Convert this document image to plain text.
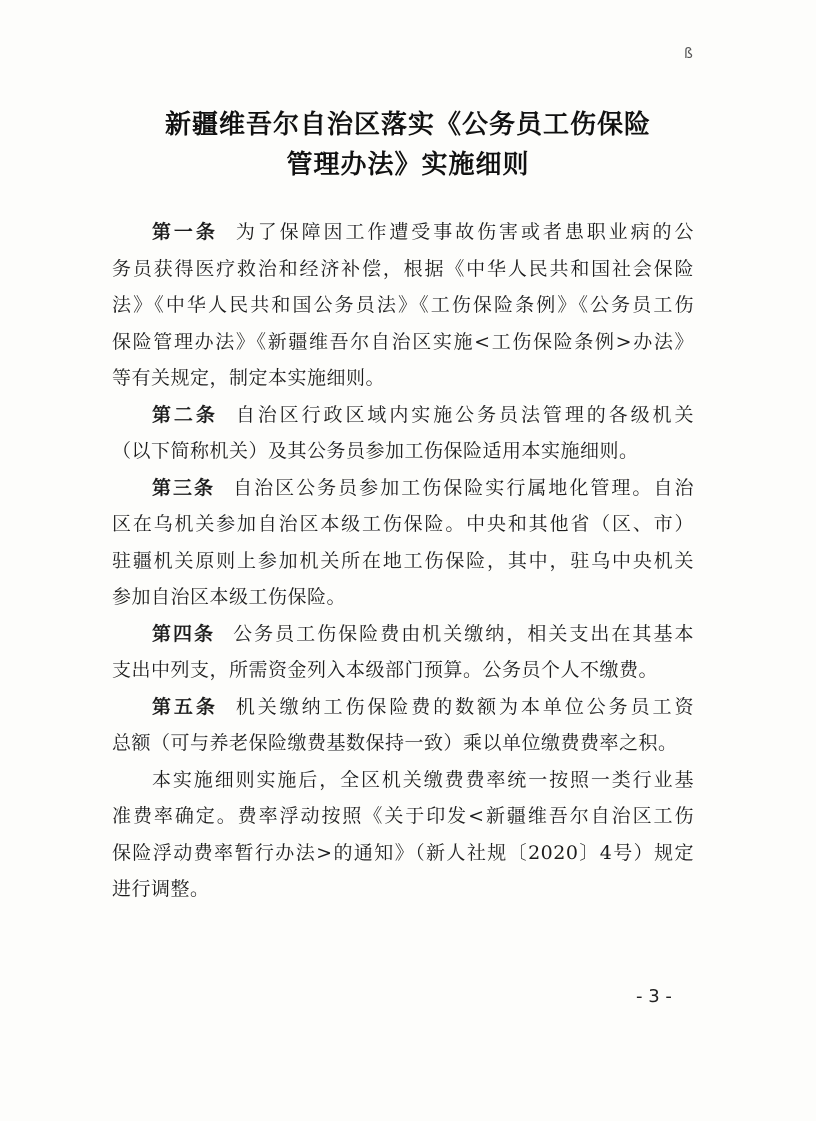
ß
新疆维吾尔自治区落实《公务员工伤保险
管理办法》实施细则
第一条 为了保障因工作遭受事故伤害或者患职业病的公
务员获得医疗救治和经济补偿，根据《中华人民共和国社会保险
法》《中华人民共和国公务员法》《工伤保险条例》《公务员工伤
保险管理办法》《新疆维吾尔自治区实施<工伤保险条例>办法》
等有关规定，制定本实施细则。
第二条 自治区行政区域内实施公务员法管理的各级机关
（以下简称机关）及其公务员参加工伤保险适用本实施细则。
第三条 自治区公务员参加工伤保险实行属地化管理。自治
区在乌机关参加自治区本级工伤保险。中央和其他省（区、市）
驻疆机关原则上参加机关所在地工伤保险，其中，驻乌中央机关
参加自治区本级工伤保险。
第四条 公务员工伤保险费由机关缴纳，相关支出在其基本
支出中列支，所需资金列入本级部门预算。公务员个人不缴费。
第五条 机关缴纳工伤保险费的数额为本单位公务员工资
总额（可与养老保险缴费基数保持一致）乘以单位缴费费率之积。
本实施细则实施后，全区机关缴费费率统一按照一类行业基
准费率确定。费率浮动按照《关于印发<新疆维吾尔自治区工伤
保险浮动费率暂行办法>的通知》（新人社规〔2020〕4号）规定
进行调整。
- 3 -
